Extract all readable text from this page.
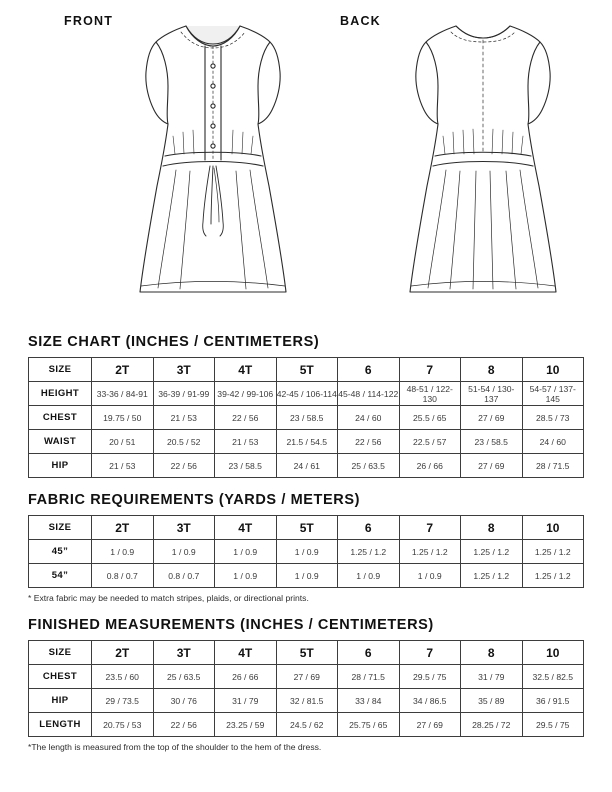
FRONT	BACK
SIZE CHART (INCHES / CENTIMETERS)
SIZE	2T	3T	4T	5T	6	7	8	10
HEIGHT	33-36 / 84-91	36-39 / 91-99	39-42 / 99-106	42-45 / 106-114	45-48 / 114-122	48-51 / 122-130	51-54 / 130-137	54-57 / 137-145
CHEST	19.75 / 50	21 / 53	22 / 56	23 / 58.5	24 / 60	25.5 / 65	27 / 69	28.5 / 73
WAIST	20 / 51	20.5 / 52	21 / 53	21.5 / 54.5	22 / 56	22.5 / 57	23 / 58.5	24 / 60
HIP	21 / 53	22 / 56	23 / 58.5	24 / 61	25 / 63.5	26 / 66	27 / 69	28 / 71.5
FABRIC REQUIREMENTS (YARDS / METERS)
SIZE	2T	3T	4T	5T	6	7	8	10
45”	1 / 0.9	1 / 0.9	1 / 0.9	1 / 0.9	1.25 / 1.2	1.25 / 1.2	1.25 / 1.2	1.25 / 1.2
54”	0.8 / 0.7	0.8 / 0.7	1 / 0.9	1 / 0.9	1 / 0.9	1 / 0.9	1.25 / 1.2	1.25 / 1.2

* Extra fabric may be needed to match stripes, plaids, or directional prints.

FINISHED MEASUREMENTS (INCHES / CENTIMETERS)
SIZE	2T	3T	4T	5T	6	7	8	10
CHEST	23.5 / 60	25 / 63.5	26 / 66	27 / 69	28 / 71.5	29.5 / 75	31 / 79	32.5 / 82.5
HIP	29 / 73.5	30 / 76	31 / 79	32 / 81.5	33 / 84	34 / 86.5	35 / 89	36 / 91.5
LENGTH	20.75 / 53	22 / 56	23.25 / 59	24.5 / 62	25.75 / 65	27 / 69	28.25 / 72	29.5 / 75

*The length is measured from the top of the shoulder to the hem of the dress.
